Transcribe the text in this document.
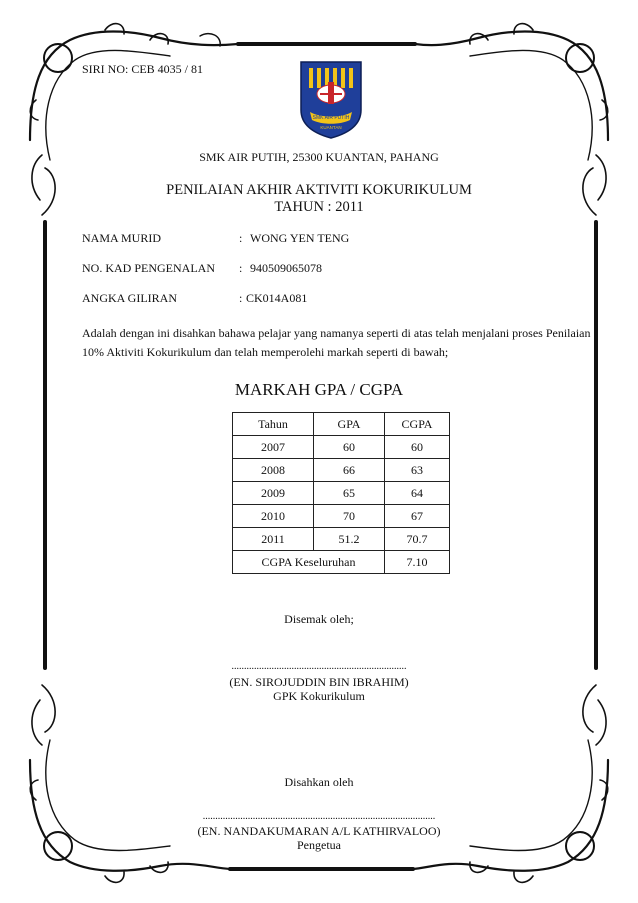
SMK AIR PUTIH
KUANTAN
SIRI NO: CEB 4035 / 81
SMK AIR PUTIH, 25300 KUANTAN, PAHANG
PENILAIAN AKHIR AKTIVITI KOKURIKULUM
TAHUN : 2011
NAMA MURID	: WONG YEN TENG
NO. KAD PENGENALAN : 940509065078
ANGKA GILIRAN	: CK014A081
Adalah dengan ini disahkan bahawa pelajar yang namanya seperti di atas telah menjalani proses Penilaian 10% Aktiviti Kokurikulum dan telah memperolehi markah seperti di bawah;
MARKAH GPA / CGPA
Tahun	GPA	CGPA
2007	60	60
2008	66	63
2009	65	64
2010	70	67
2011	51.2	70.7
CGPA Keseluruhan		7.10
Disemak oleh;
......................................................................
(EN. SIROJUDDIN BIN IBRAHIM)
GPK Kokurikulum
Disahkan oleh
.............................................................................................
(EN. NANDAKUMARAN A/L KATHIRVALOO)
Pengetua
